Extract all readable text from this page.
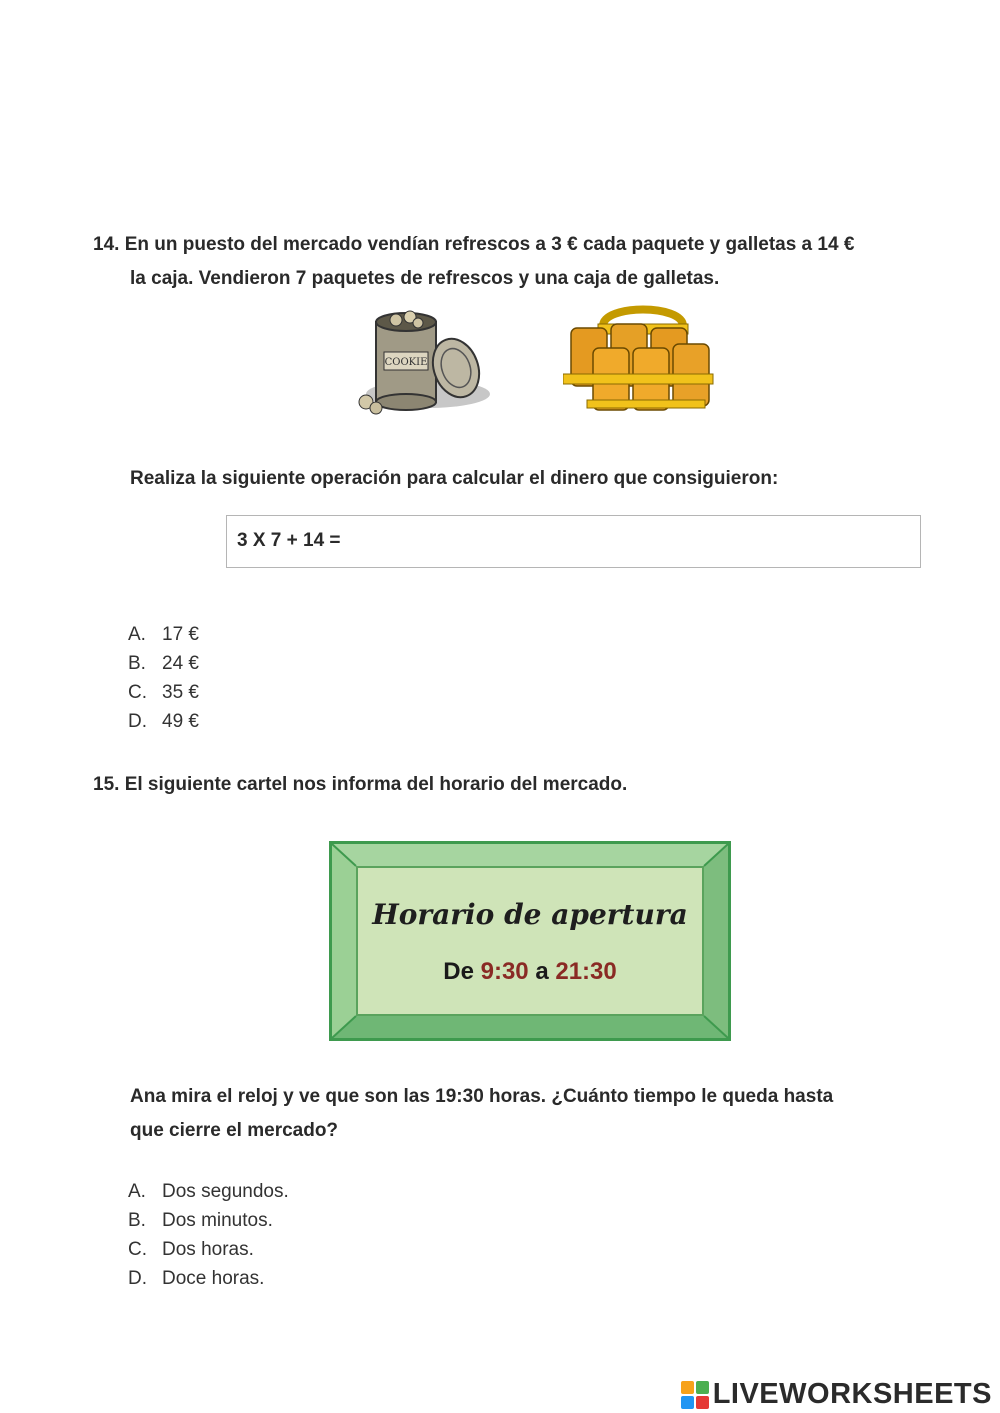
14. En un puesto del mercado vendían refrescos a 3 € cada paquete y galletas a 14 €
la caja. Vendieron 7 paquetes de refrescos y una caja de galletas.
COOKIE
Realiza la siguiente operación para calcular el dinero que consiguieron:
3 X 7 + 14 =
A. 17 €
B. 24 €
C. 35 €
D. 49 €
15. El siguiente cartel nos informa del horario del mercado.
Horario de apertura
De 9:30 a 21:30
Ana mira el reloj y ve que son las 19:30 horas. ¿Cuánto tiempo le queda hasta
que cierre el mercado?
A. Dos segundos.
B. Dos minutos.
C. Dos horas.
D. Doce horas.
LIVEWORKSHEETS
